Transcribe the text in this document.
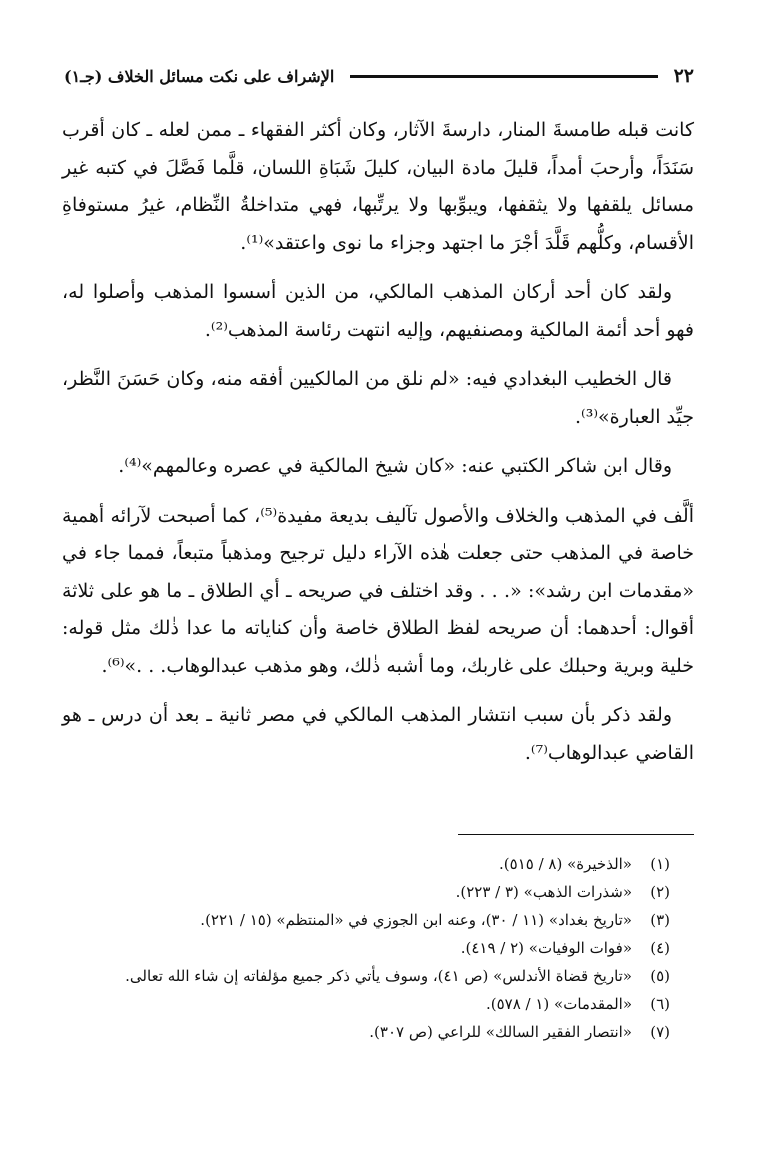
٢٢
الإشراف على نكت مسائل الخلاف (جـ١)

كانت قبله طامسةَ المنار، دارسةَ الآثار، وكان أكثر الفقهاء ـ ممن لعله ـ كان أقرب سَنَدَاً، وأرحبَ أمداً، قليلَ مادة البيان، كليلَ شَبَاةِ اللسان، قلَّما فَصَّلَ في كتبه غير مسائل يلقفها ولا يثقفها، ويبوِّبها ولا يرتِّبها، فهي متداخلةُ النِّظام، غيرُ مستوفاةِ الأقسام، وكلُّهم قَلَّدَ أجْرَ ما اجتهد وجزاء ما نوى واعتقد»⁽¹⁾.

ولقد كان أحد أركان المذهب المالكي، من الذين أسسوا المذهب وأصلوا له، فهو أحد أئمة المالكية ومصنفيهم، وإليه انتهت رئاسة المذهب⁽²⁾.

قال الخطيب البغدادي فيه: «لم نلق من المالكيين أفقه منه، وكان حَسَنَ النَّظر، جيِّد العبارة»⁽³⁾.

وقال ابن شاكر الكتبي عنه: «كان شيخ المالكية في عصره وعالمهم»⁽⁴⁾.

ألَّف في المذهب والخلاف والأصول تآليف بديعة مفيدة⁽⁵⁾، كما أصبحت لآرائه أهمية خاصة في المذهب حتى جعلت هٰذه الآراء دليل ترجيح ومذهباً متبعاً، فمما جاء في «مقدمات ابن رشد»: «. . . وقد اختلف في صريحه ـ أي الطلاق ـ ما هو على ثلاثة أقوال: أحدهما: أن صريحه لفظ الطلاق خاصة وأن كناياته ما عدا ذٰلك مثل قوله: خلية وبرية وحبلك على غاربك، وما أشبه ذٰلك، وهو مذهب عبدالوهاب. . .»⁽⁶⁾.

ولقد ذكر بأن سبب انتشار المذهب المالكي في مصر ثانية ـ بعد أن درس ـ هو القاضي عبدالوهاب⁽⁷⁾.

(١)
«الذخيرة» (٨ / ٥١٥).
(٢)
«شذرات الذهب» (٣ / ٢٢٣).
(٣)
«تاريخ بغداد» (١١ / ٣٠)، وعنه ابن الجوزي في «المنتظم» (١٥ / ٢٢١).
(٤)
«فوات الوفيات» (٢ / ٤١٩).
(٥)
«تاريخ قضاة الأندلس» (ص ٤١)، وسوف يأتي ذكر جميع مؤلفاته إن شاء الله تعالى.
(٦)
«المقدمات» (١ / ٥٧٨).
(٧)
«انتصار الفقير السالك» للراعي (ص ٣٠٧).
